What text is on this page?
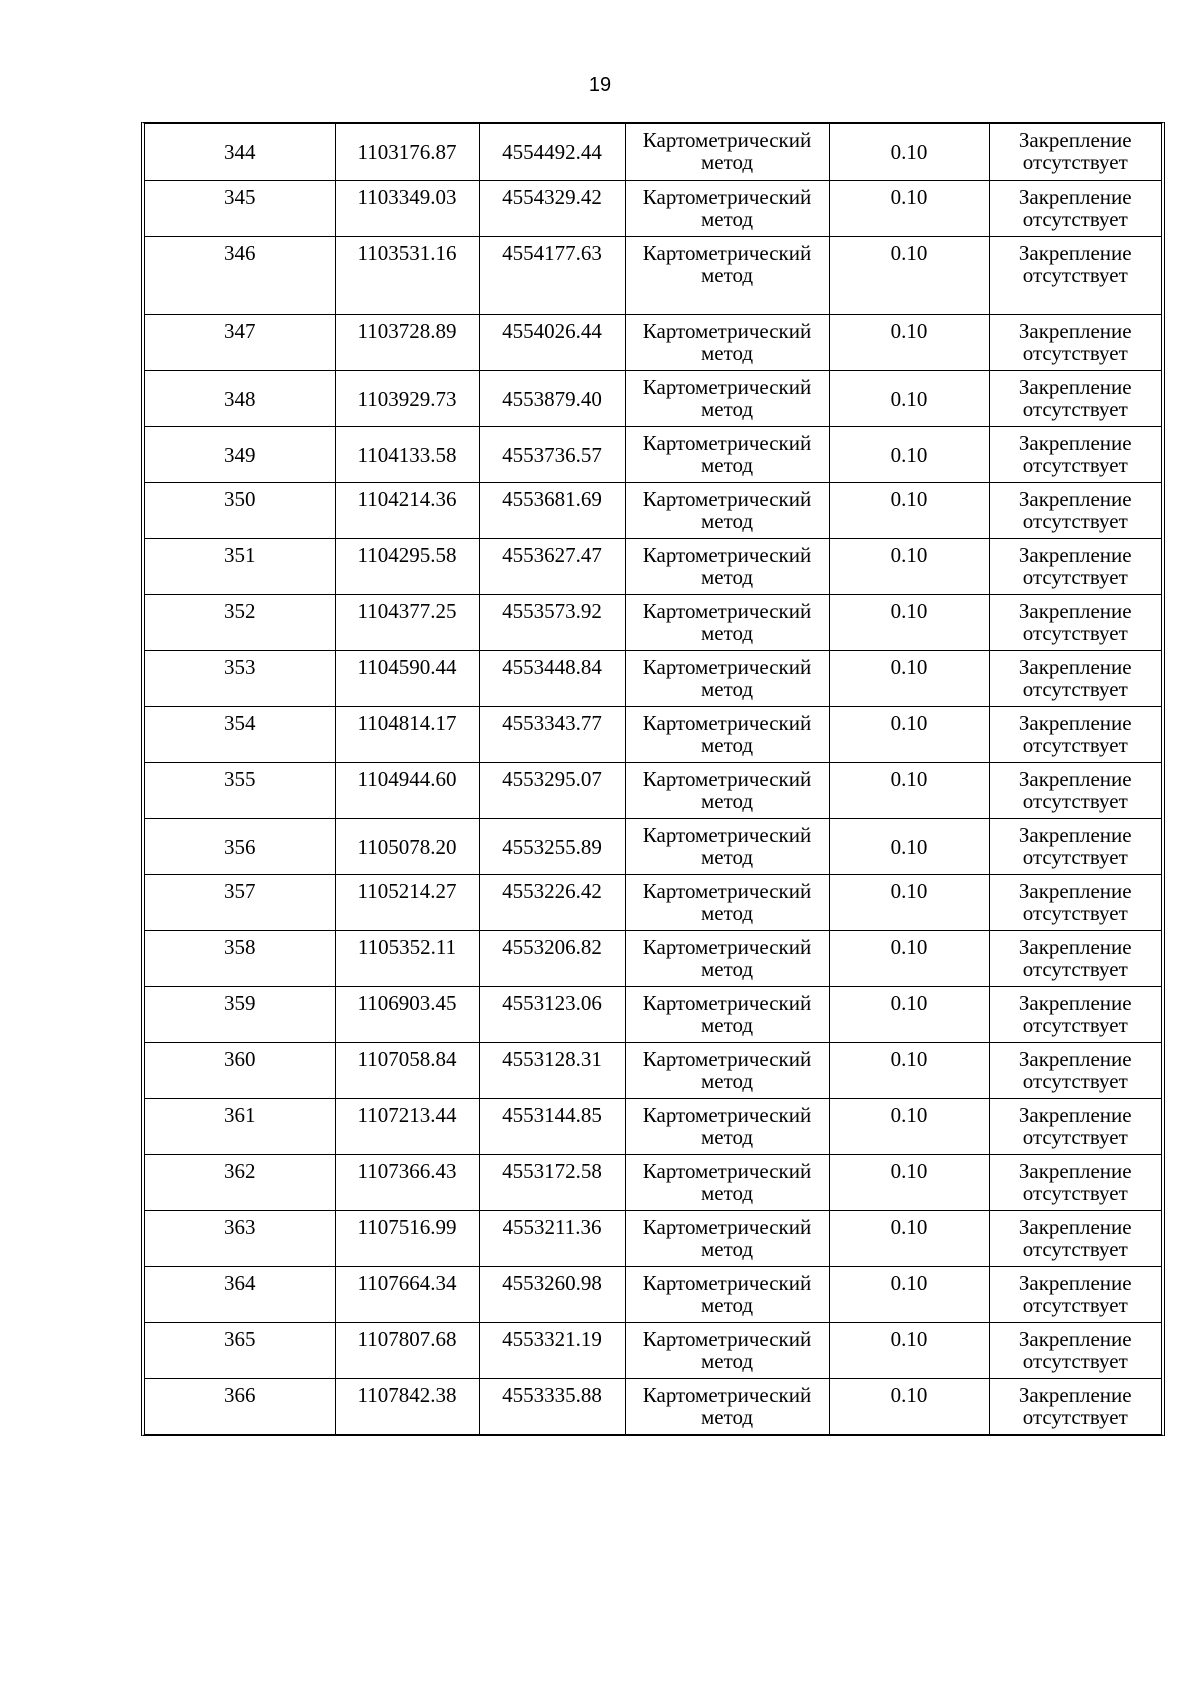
19
344	1103176.87	4554492.44	Картометрический метод	0.10	Закрепление отсутствует
345	1103349.03	4554329.42	Картометрический метод	0.10	Закрепление отсутствует
346	1103531.16	4554177.63	Картометрический метод	0.10	Закрепление отсутствует
347	1103728.89	4554026.44	Картометрический метод	0.10	Закрепление отсутствует
348	1103929.73	4553879.40	Картометрический метод	0.10	Закрепление отсутствует
349	1104133.58	4553736.57	Картометрический метод	0.10	Закрепление отсутствует
350	1104214.36	4553681.69	Картометрический метод	0.10	Закрепление отсутствует
351	1104295.58	4553627.47	Картометрический метод	0.10	Закрепление отсутствует
352	1104377.25	4553573.92	Картометрический метод	0.10	Закрепление отсутствует
353	1104590.44	4553448.84	Картометрический метод	0.10	Закрепление отсутствует
354	1104814.17	4553343.77	Картометрический метод	0.10	Закрепление отсутствует
355	1104944.60	4553295.07	Картометрический метод	0.10	Закрепление отсутствует
356	1105078.20	4553255.89	Картометрический метод	0.10	Закрепление отсутствует
357	1105214.27	4553226.42	Картометрический метод	0.10	Закрепление отсутствует
358	1105352.11	4553206.82	Картометрический метод	0.10	Закрепление отсутствует
359	1106903.45	4553123.06	Картометрический метод	0.10	Закрепление отсутствует
360	1107058.84	4553128.31	Картометрический метод	0.10	Закрепление отсутствует
361	1107213.44	4553144.85	Картометрический метод	0.10	Закрепление отсутствует
362	1107366.43	4553172.58	Картометрический метод	0.10	Закрепление отсутствует
363	1107516.99	4553211.36	Картометрический метод	0.10	Закрепление отсутствует
364	1107664.34	4553260.98	Картометрический метод	0.10	Закрепление отсутствует
365	1107807.68	4553321.19	Картометрический метод	0.10	Закрепление отсутствует
366	1107842.38	4553335.88	Картометрический метод	0.10	Закрепление отсутствует
